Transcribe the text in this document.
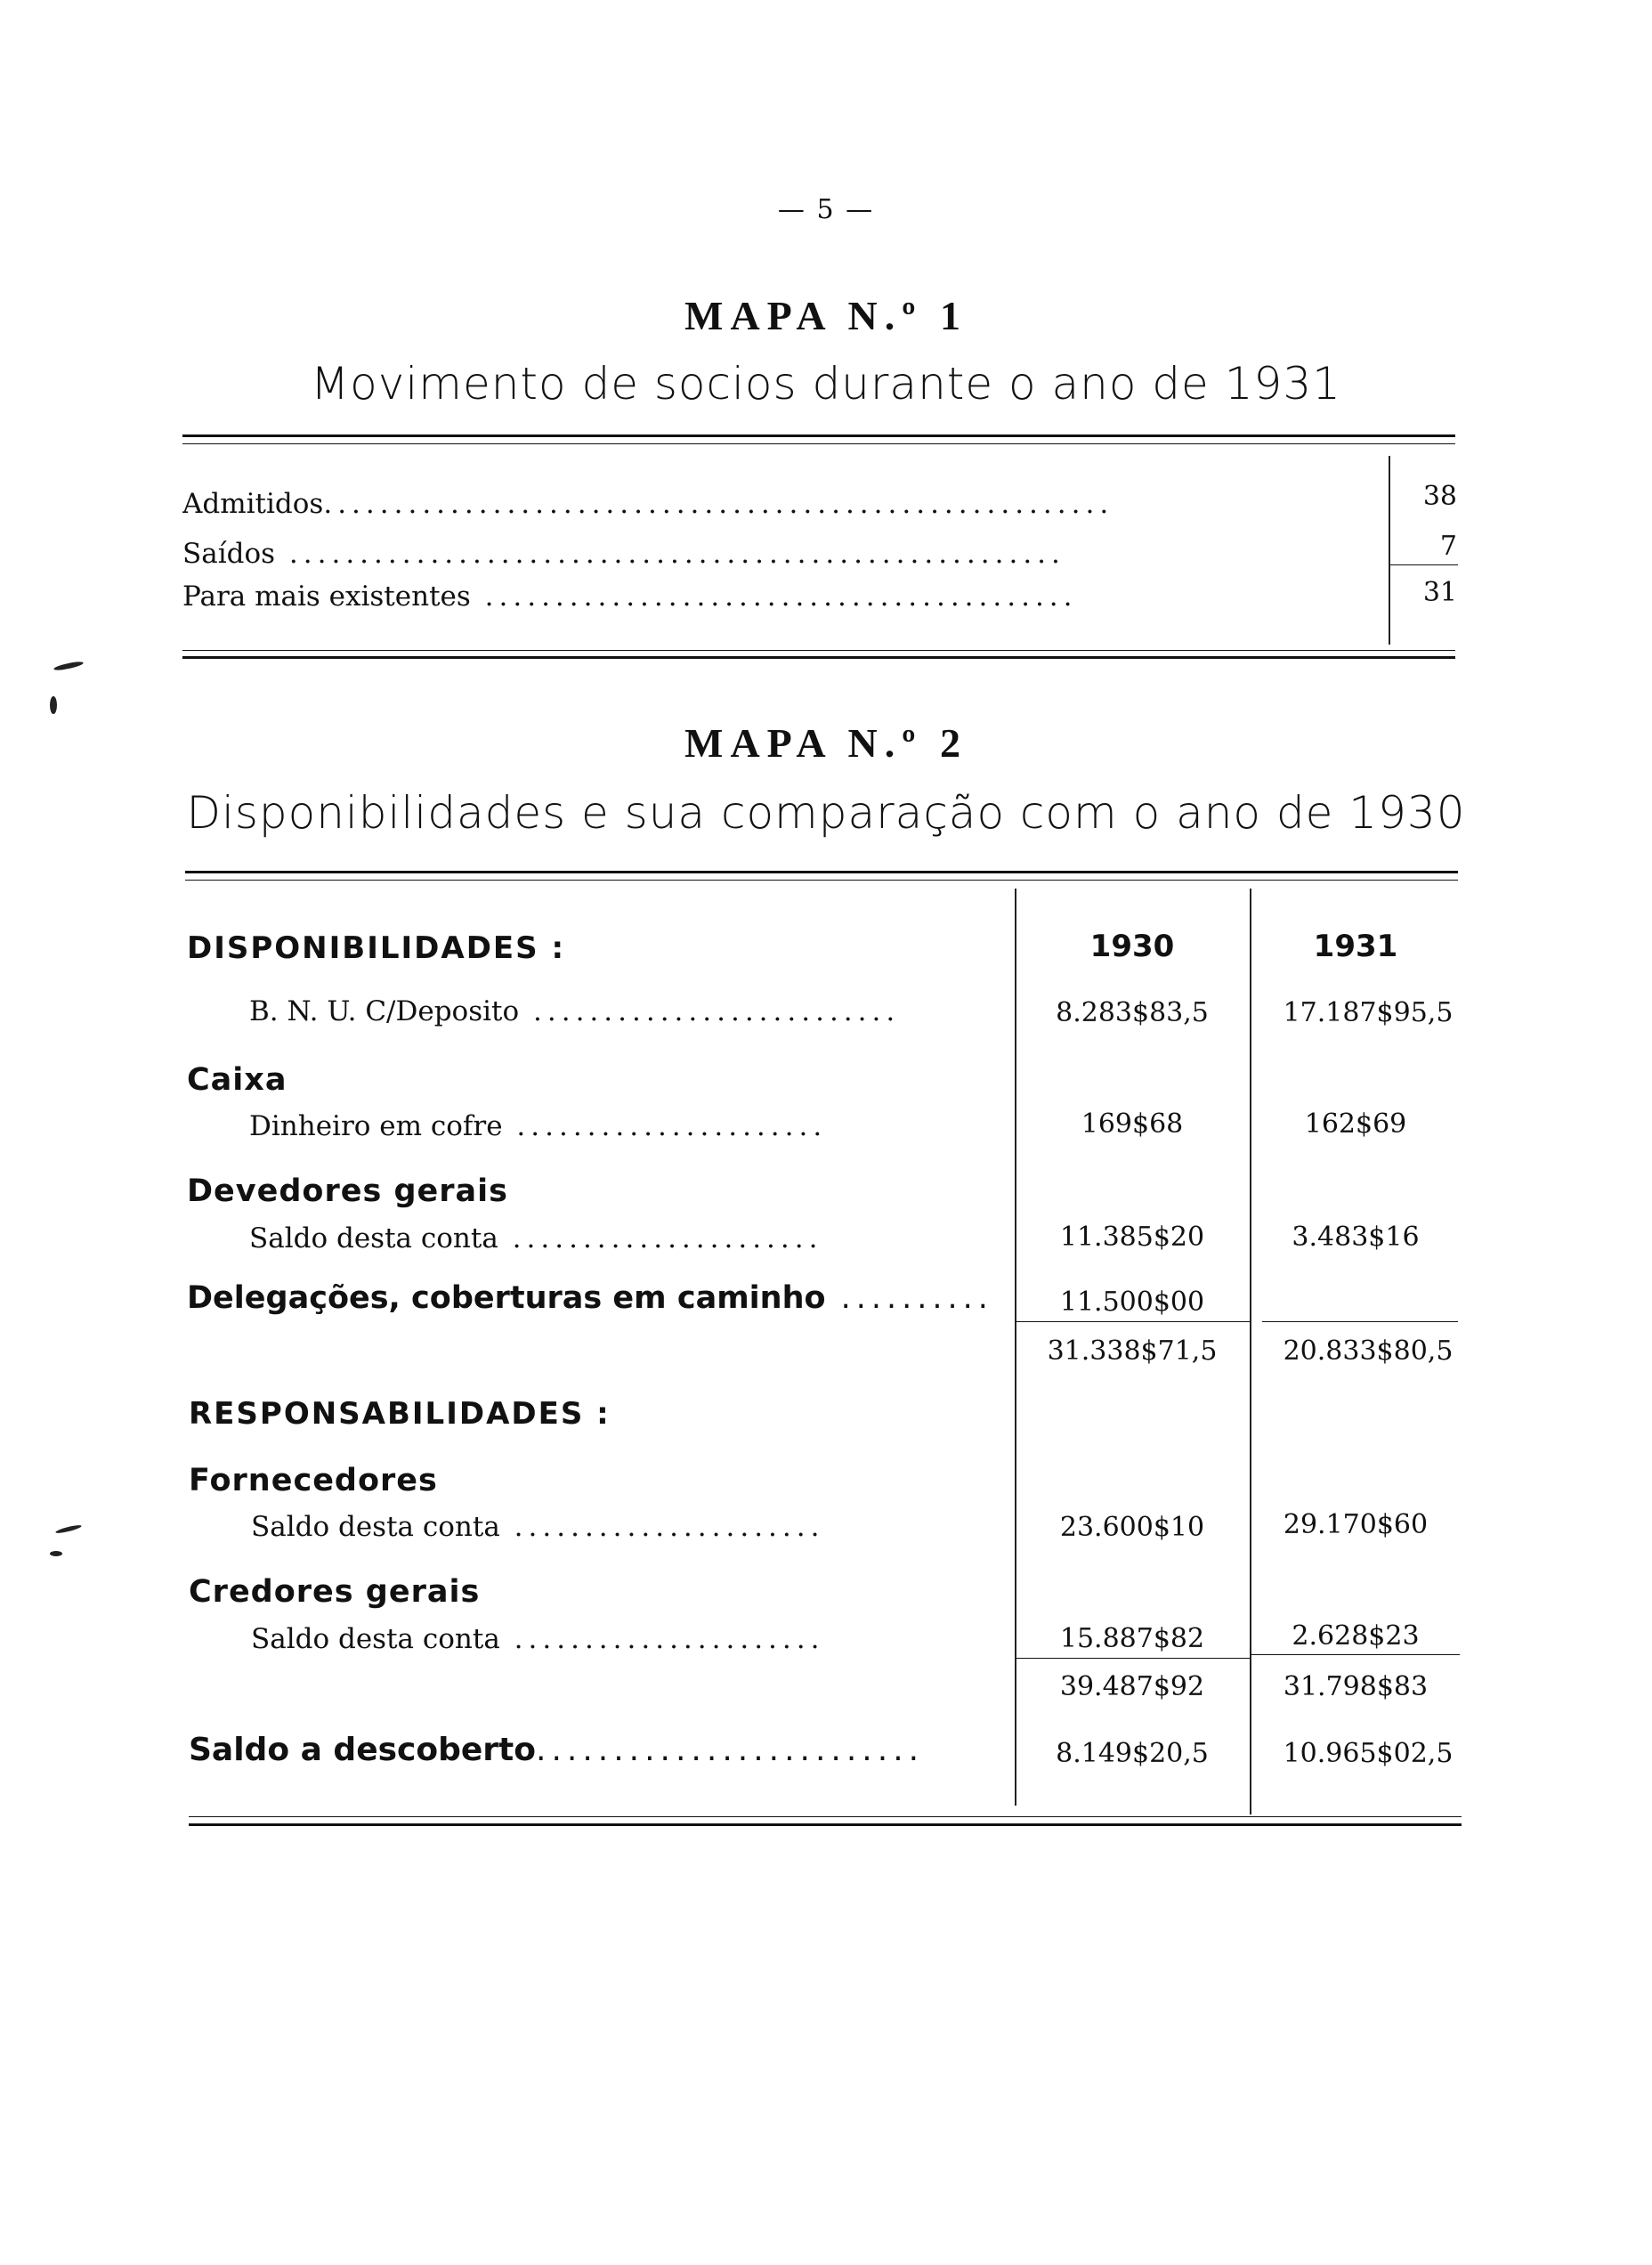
— 5 —
MAPA N.º 1
Movimento de socios durante o ano de 1931
Admitidos........................................................	38
Saídos .......................................................	7
Para mais existentes ..........................................	31
MAPA N.º 2
Disponibilidades e sua comparação com o ano de 1930
DISPONIBILIDADES :	1930	1931
B. N. U. C/Deposito ..........................	8.283$83,5	17.187$95,5
Caixa
Dinheiro em cofre ......................	169$68	162$69
Devedores gerais
Saldo desta conta ......................	11.385$20	3.483$16
Delegações, coberturas em caminho ..........	11.500$00
31.338$71,5	20.833$80,5
RESPONSABILIDADES :
Fornecedores
Saldo desta conta ......................	23.600$10	29.170$60
Credores gerais
Saldo desta conta ......................	15.887$82	2.628$23
39.487$92	31.798$83
Saldo a descoberto.........................	8.149$20,5	10.965$02,5
